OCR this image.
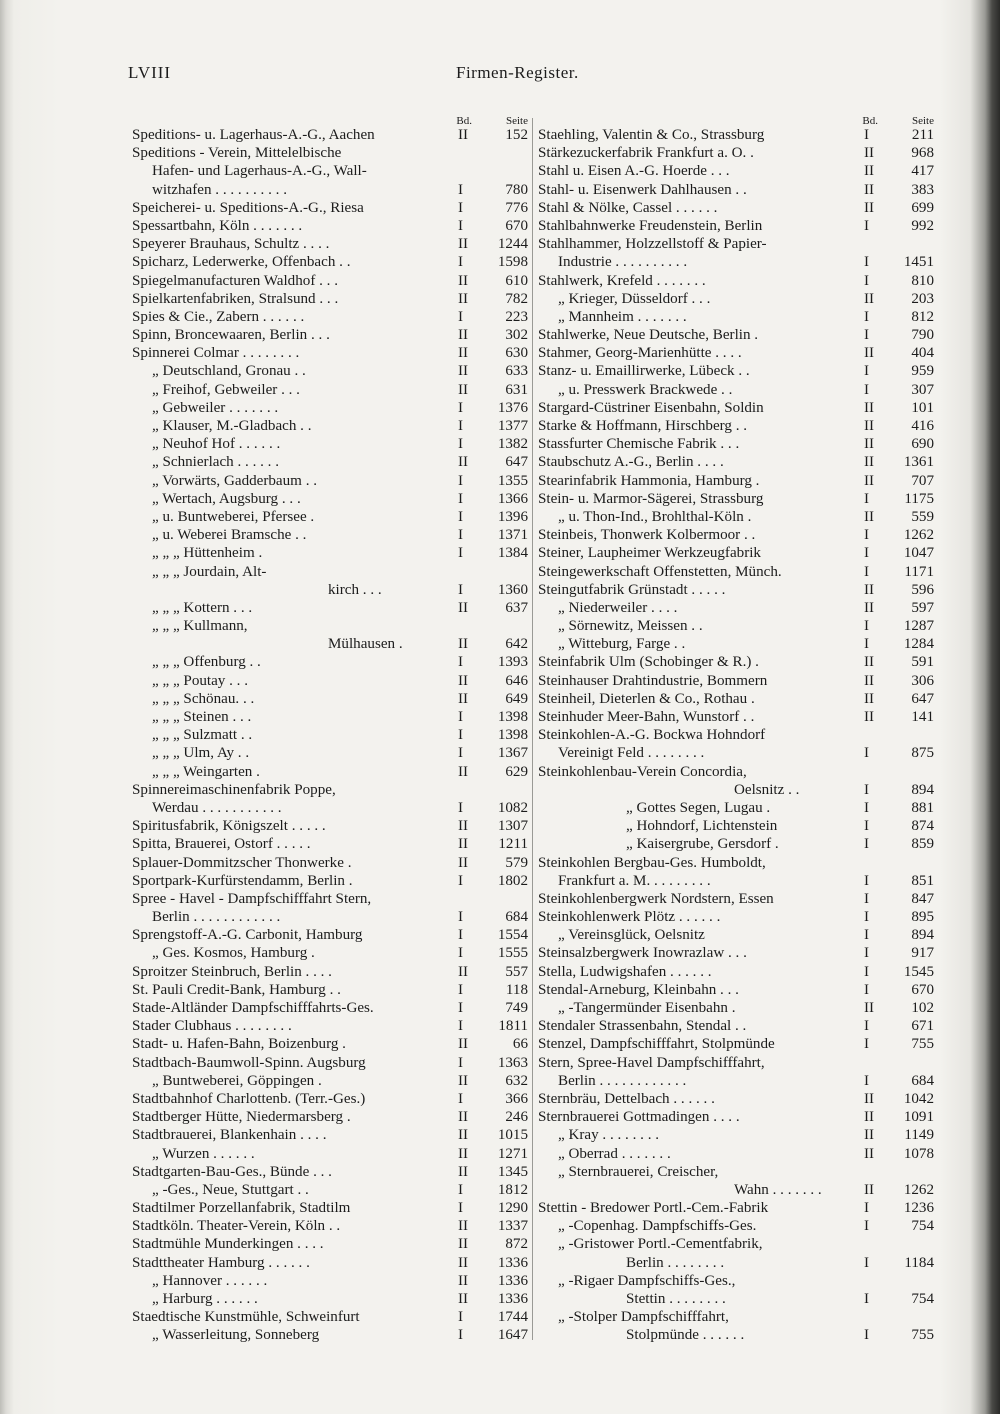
LVIII	Firmen-Register.
Bd.	Seite
Speditions- u. Lagerhaus-A.-G., Aachen	II	152
Speditions - Verein, Mittelelbische
Hafen- und Lagerhaus-A.-G., Wall-
witzhafen . . . . . . . . . .	I	780
Speicherei- u. Speditions-A.-G., Riesa	I	776
Spessartbahn, Köln . . . . . . .	I	670
Speyerer Brauhaus, Schultz . . . .	II	1244
Spicharz, Lederwerke, Offenbach . .	I	1598
Spiegelmanufacturen Waldhof . . .	II	610
Spielkartenfabriken, Stralsund . . .	II	782
Spies & Cie., Zabern . . . . . .	I	223
Spinn, Broncewaaren, Berlin . . .	II	302
Spinnerei Colmar . . . . . . . .	II	630
„ Deutschland, Gronau . .	II	633
„ Freihof, Gebweiler . . .	II	631
„ Gebweiler . . . . . . .	I	1376
„ Klauser, M.-Gladbach . .	I	1377
„ Neuhof Hof . . . . . .	I	1382
„ Schnierlach . . . . . .	II	647
„ Vorwärts, Gadderbaum . .	I	1355
„ Wertach, Augsburg . . .	I	1366
„ u. Buntweberei, Pfersee .	I	1396
„ u. Weberei Bramsche . .	I	1371
„ „ „ Hüttenheim .	I	1384
„ „ „ Jourdain, Alt-
kirch . . .	I	1360
„ „ „ Kottern . . .	II	637
„ „ „ Kullmann,
Mülhausen .	II	642
„ „ „ Offenburg . .	I	1393
„ „ „ Poutay . . .	II	646
„ „ „ Schönau. . .	II	649
„ „ „ Steinen . . .	I	1398
„ „ „ Sulzmatt . .	I	1398
„ „ „ Ulm, Ay . .	I	1367
„ „ „ Weingarten .	II	629
Spinnereimaschinenfabrik Poppe,
Werdau . . . . . . . . . . .	I	1082
Spiritusfabrik, Königszelt . . . . .	II	1307
Spitta, Brauerei, Ostorf . . . . .	II	1211
Splauer-Dommitzscher Thonwerke .	II	579
Sportpark-Kurfürstendamm, Berlin .	I	1802
Spree - Havel - Dampfschifffahrt Stern,
Berlin . . . . . . . . . . . .	I	684
Sprengstoff-A.-G. Carbonit, Hamburg	I	1554
„ Ges. Kosmos, Hamburg .	I	1555
Sproitzer Steinbruch, Berlin . . . .	II	557
St. Pauli Credit-Bank, Hamburg . .	I	118
Stade-Altländer Dampfschifffahrts-Ges.	I	749
Stader Clubhaus . . . . . . . .	I	1811
Stadt- u. Hafen-Bahn, Boizenburg .	II	66
Stadtbach-Baumwoll-Spinn. Augsburg	I	1363
„ Buntweberei, Göppingen .	II	632
Stadtbahnhof Charlottenb. (Terr.-Ges.)	I	366
Stadtberger Hütte, Niedermarsberg .	II	246
Stadtbrauerei, Blankenhain . . . .	II	1015
„ Wurzen . . . . . .	II	1271
Stadtgarten-Bau-Ges., Bünde . . .	II	1345
„ -Ges., Neue, Stuttgart . .	I	1812
Stadtilmer Porzellanfabrik, Stadtilm	I	1290
Stadtköln. Theater-Verein, Köln . .	II	1337
Stadtmühle Munderkingen . . . .	II	872
Stadttheater Hamburg . . . . . .	II	1336
„ Hannover . . . . . .	II	1336
„ Harburg . . . . . .	II	1336
Staedtische Kunstmühle, Schweinfurt	I	1744
„ Wasserleitung, Sonneberg	I	1647
Bd.	Seite
Staehling, Valentin & Co., Strassburg	I	211
Stärkezuckerfabrik Frankfurt a. O. .	II	968
Stahl u. Eisen A.-G. Hoerde . . .	II	417
Stahl- u. Eisenwerk Dahlhausen . .	II	383
Stahl & Nölke, Cassel . . . . . .	II	699
Stahlbahnwerke Freudenstein, Berlin	I	992
Stahlhammer, Holzzellstoff & Papier-
Industrie . . . . . . . . . .	I	1451
Stahlwerk, Krefeld . . . . . . .	I	810
„ Krieger, Düsseldorf . . .	II	203
„ Mannheim . . . . . . .	I	812
Stahlwerke, Neue Deutsche, Berlin .	I	790
Stahmer, Georg-Marienhütte . . . .	II	404
Stanz- u. Emaillirwerke, Lübeck . .	I	959
„ u. Presswerk Brackwede . .	I	307
Stargard-Cüstriner Eisenbahn, Soldin	II	101
Starke & Hoffmann, Hirschberg . .	II	416
Stassfurter Chemische Fabrik . . .	II	690
Staubschutz A.-G., Berlin . . . .	II	1361
Stearinfabrik Hammonia, Hamburg .	II	707
Stein- u. Marmor-Sägerei, Strassburg	I	1175
„ u. Thon-Ind., Brohlthal-Köln .	II	559
Steinbeis, Thonwerk Kolbermoor . .	I	1262
Steiner, Laupheimer Werkzeugfabrik	I	1047
Steingewerkschaft Offenstetten, Münch.	I	1171
Steingutfabrik Grünstadt . . . . .	II	596
„ Niederweiler . . . .	II	597
„ Sörnewitz, Meissen . .	I	1287
„ Witteburg, Farge . .	I	1284
Steinfabrik Ulm (Schobinger & R.) .	II	591
Steinhauser Drahtindustrie, Bommern	II	306
Steinheil, Dieterlen & Co., Rothau .	II	647
Steinhuder Meer-Bahn, Wunstorf . .	II	141
Steinkohlen-A.-G. Bockwa Hohndorf
Vereinigt Feld . . . . . . . .	I	875
Steinkohlenbau-Verein Concordia,
Oelsnitz . .	I	894
„ Gottes Segen, Lugau .	I	881
„ Hohndorf, Lichtenstein	I	874
„ Kaisergrube, Gersdorf .	I	859
Steinkohlen Bergbau-Ges. Humboldt,
Frankfurt a. M. . . . . . . . .	I	851
Steinkohlenbergwerk Nordstern, Essen	I	847
Steinkohlenwerk Plötz . . . . . .	I	895
„ Vereinsglück, Oelsnitz	I	894
Steinsalzbergwerk Inowrazlaw . . .	I	917
Stella, Ludwigshafen . . . . . .	I	1545
Stendal-Arneburg, Kleinbahn . . .	I	670
„ -Tangermünder Eisenbahn .	II	102
Stendaler Strassenbahn, Stendal . .	I	671
Stenzel, Dampfschifffahrt, Stolpmünde	I	755
Stern, Spree-Havel Dampfschifffahrt,
Berlin . . . . . . . . . . . .	I	684
Sternbräu, Dettelbach . . . . . .	II	1042
Sternbrauerei Gottmadingen . . . .	II	1091
„ Kray . . . . . . . .	II	1149
„ Oberrad . . . . . . .	II	1078
„ Sternbrauerei, Creischer,
Wahn . . . . . . .	II	1262
Stettin - Bredower Portl.-Cem.-Fabrik	I	1236
„ -Copenhag. Dampfschiffs-Ges.	I	754
„ -Gristower Portl.-Cementfabrik,
Berlin . . . . . . . .	I	1184
„ -Rigaer Dampfschiffs-Ges.,
Stettin . . . . . . . .	I	754
„ -Stolper Dampfschifffahrt,
Stolpmünde . . . . . .	I	755
